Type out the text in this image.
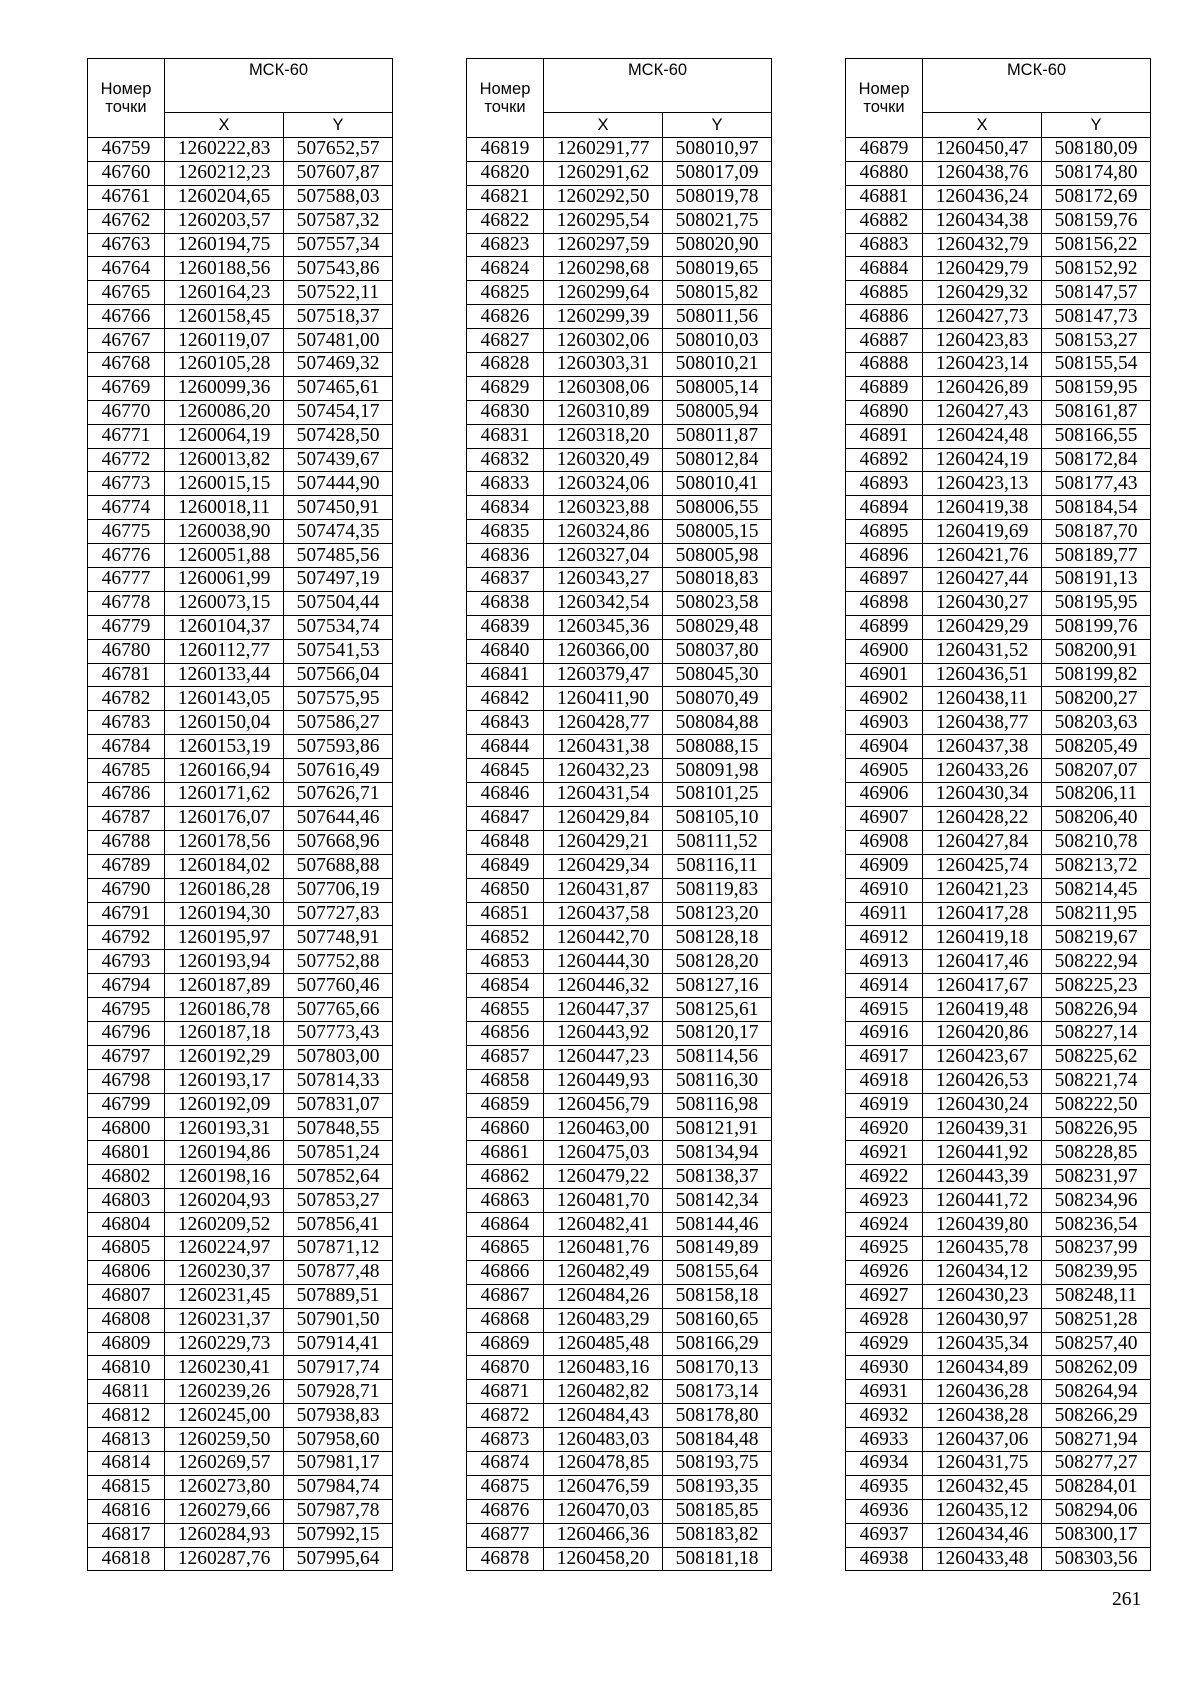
Номер
точки	МСК-60	
	X	Y
46759	1260222,83	507652,57
46760	1260212,23	507607,87
46761	1260204,65	507588,03
46762	1260203,57	507587,32
46763	1260194,75	507557,34
46764	1260188,56	507543,86
46765	1260164,23	507522,11
46766	1260158,45	507518,37
46767	1260119,07	507481,00
46768	1260105,28	507469,32
46769	1260099,36	507465,61
46770	1260086,20	507454,17
46771	1260064,19	507428,50
46772	1260013,82	507439,67
46773	1260015,15	507444,90
46774	1260018,11	507450,91
46775	1260038,90	507474,35
46776	1260051,88	507485,56
46777	1260061,99	507497,19
46778	1260073,15	507504,44
46779	1260104,37	507534,74
46780	1260112,77	507541,53
46781	1260133,44	507566,04
46782	1260143,05	507575,95
46783	1260150,04	507586,27
46784	1260153,19	507593,86
46785	1260166,94	507616,49
46786	1260171,62	507626,71
46787	1260176,07	507644,46
46788	1260178,56	507668,96
46789	1260184,02	507688,88
46790	1260186,28	507706,19
46791	1260194,30	507727,83
46792	1260195,97	507748,91
46793	1260193,94	507752,88
46794	1260187,89	507760,46
46795	1260186,78	507765,66
46796	1260187,18	507773,43
46797	1260192,29	507803,00
46798	1260193,17	507814,33
46799	1260192,09	507831,07
46800	1260193,31	507848,55
46801	1260194,86	507851,24
46802	1260198,16	507852,64
46803	1260204,93	507853,27
46804	1260209,52	507856,41
46805	1260224,97	507871,12
46806	1260230,37	507877,48
46807	1260231,45	507889,51
46808	1260231,37	507901,50
46809	1260229,73	507914,41
46810	1260230,41	507917,74
46811	1260239,26	507928,71
46812	1260245,00	507938,83
46813	1260259,50	507958,60
46814	1260269,57	507981,17
46815	1260273,80	507984,74
46816	1260279,66	507987,78
46817	1260284,93	507992,15
46818	1260287,76	507995,64
Номер
точки	МСК-60	
	X	Y
46819	1260291,77	508010,97
46820	1260291,62	508017,09
46821	1260292,50	508019,78
46822	1260295,54	508021,75
46823	1260297,59	508020,90
46824	1260298,68	508019,65
46825	1260299,64	508015,82
46826	1260299,39	508011,56
46827	1260302,06	508010,03
46828	1260303,31	508010,21
46829	1260308,06	508005,14
46830	1260310,89	508005,94
46831	1260318,20	508011,87
46832	1260320,49	508012,84
46833	1260324,06	508010,41
46834	1260323,88	508006,55
46835	1260324,86	508005,15
46836	1260327,04	508005,98
46837	1260343,27	508018,83
46838	1260342,54	508023,58
46839	1260345,36	508029,48
46840	1260366,00	508037,80
46841	1260379,47	508045,30
46842	1260411,90	508070,49
46843	1260428,77	508084,88
46844	1260431,38	508088,15
46845	1260432,23	508091,98
46846	1260431,54	508101,25
46847	1260429,84	508105,10
46848	1260429,21	508111,52
46849	1260429,34	508116,11
46850	1260431,87	508119,83
46851	1260437,58	508123,20
46852	1260442,70	508128,18
46853	1260444,30	508128,20
46854	1260446,32	508127,16
46855	1260447,37	508125,61
46856	1260443,92	508120,17
46857	1260447,23	508114,56
46858	1260449,93	508116,30
46859	1260456,79	508116,98
46860	1260463,00	508121,91
46861	1260475,03	508134,94
46862	1260479,22	508138,37
46863	1260481,70	508142,34
46864	1260482,41	508144,46
46865	1260481,76	508149,89
46866	1260482,49	508155,64
46867	1260484,26	508158,18
46868	1260483,29	508160,65
46869	1260485,48	508166,29
46870	1260483,16	508170,13
46871	1260482,82	508173,14
46872	1260484,43	508178,80
46873	1260483,03	508184,48
46874	1260478,85	508193,75
46875	1260476,59	508193,35
46876	1260470,03	508185,85
46877	1260466,36	508183,82
46878	1260458,20	508181,18
Номер
точки	МСК-60	
	X	Y
46879	1260450,47	508180,09
46880	1260438,76	508174,80
46881	1260436,24	508172,69
46882	1260434,38	508159,76
46883	1260432,79	508156,22
46884	1260429,79	508152,92
46885	1260429,32	508147,57
46886	1260427,73	508147,73
46887	1260423,83	508153,27
46888	1260423,14	508155,54
46889	1260426,89	508159,95
46890	1260427,43	508161,87
46891	1260424,48	508166,55
46892	1260424,19	508172,84
46893	1260423,13	508177,43
46894	1260419,38	508184,54
46895	1260419,69	508187,70
46896	1260421,76	508189,77
46897	1260427,44	508191,13
46898	1260430,27	508195,95
46899	1260429,29	508199,76
46900	1260431,52	508200,91
46901	1260436,51	508199,82
46902	1260438,11	508200,27
46903	1260438,77	508203,63
46904	1260437,38	508205,49
46905	1260433,26	508207,07
46906	1260430,34	508206,11
46907	1260428,22	508206,40
46908	1260427,84	508210,78
46909	1260425,74	508213,72
46910	1260421,23	508214,45
46911	1260417,28	508211,95
46912	1260419,18	508219,67
46913	1260417,46	508222,94
46914	1260417,67	508225,23
46915	1260419,48	508226,94
46916	1260420,86	508227,14
46917	1260423,67	508225,62
46918	1260426,53	508221,74
46919	1260430,24	508222,50
46920	1260439,31	508226,95
46921	1260441,92	508228,85
46922	1260443,39	508231,97
46923	1260441,72	508234,96
46924	1260439,80	508236,54
46925	1260435,78	508237,99
46926	1260434,12	508239,95
46927	1260430,23	508248,11
46928	1260430,97	508251,28
46929	1260435,34	508257,40
46930	1260434,89	508262,09
46931	1260436,28	508264,94
46932	1260438,28	508266,29
46933	1260437,06	508271,94
46934	1260431,75	508277,27
46935	1260432,45	508284,01
46936	1260435,12	508294,06
46937	1260434,46	508300,17
46938	1260433,48	508303,56
261
